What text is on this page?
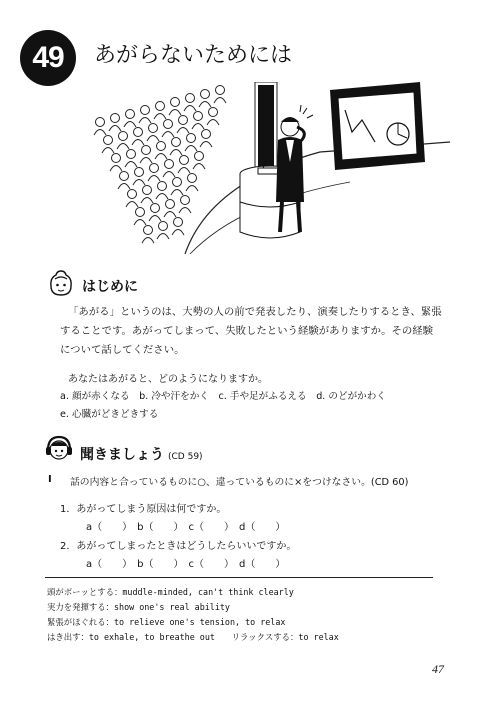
49	あがらないためには
はじめに
「あがる」というのは、大勢の人の前で発表したり、演奏したりするとき、緊張
することです。あがってしまって、失敗したという経験がありますか。その経験
について話してください。
あなたはあがると、どのようになりますか。
a. 顔が赤くなる　b. 冷や汗をかく　c. 手や足がふるえる　d. のどがかわく
e. 心臓がどきどきする
聞きましょう (CD 59)
I 話の内容と合っているものに○、違っているものに×をつけなさい。(CD 60)
1．あがってしまう原因は何ですか。
a（　　）　b（　　）　c（　　）　d（　　）
2．あがってしまったときはどうしたらいいですか。
a（　　）　b（　　）　c（　　）　d（　　）
頭がボーッとする：muddle-minded, can't think clearly
実力を発揮する：show one's real ability
緊張がほぐれる：to relieve one's tension, to relax
はき出す：to exhale, to breathe out　　リラックスする：to relax
47
